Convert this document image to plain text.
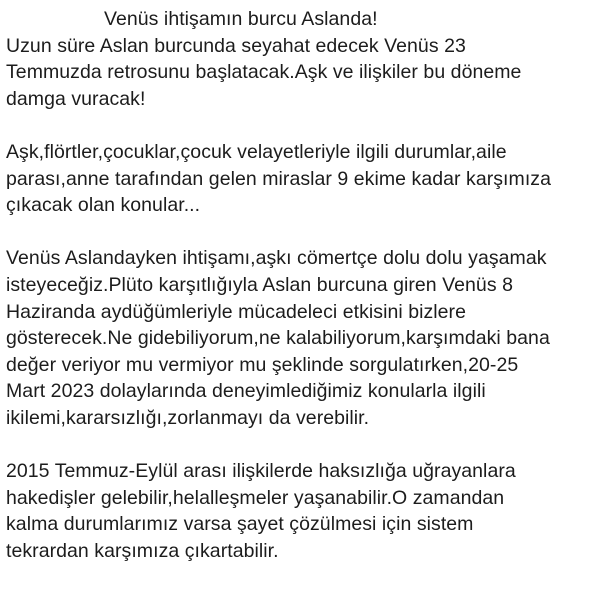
Venüs ihtişamın burcu Aslanda!
Uzun süre Aslan burcunda seyahat edecek Venüs 23
Temmuzda retrosunu başlatacak.Aşk ve ilişkiler bu döneme
damga vuracak!
Aşk,flörtler,çocuklar,çocuk velayetleriyle ilgili durumlar,aile
parası,anne tarafından gelen miraslar 9 ekime kadar karşımıza
çıkacak olan konular...
Venüs Aslandayken ihtişamı,aşkı cömertçe dolu dolu yaşamak
isteyeceğiz.Plüto karşıtlığıyla Aslan burcuna giren Venüs 8
Haziranda aydüğümleriyle mücadeleci etkisini bizlere
gösterecek.Ne gidebiliyorum,ne kalabiliyorum,karşımdaki bana
değer veriyor mu vermiyor mu şeklinde sorgulatırken,20-25
Mart 2023 dolaylarında deneyimlediğimiz konularla ilgili
ikilemi,kararsızlığı,zorlanmayı da verebilir.
2015 Temmuz-Eylül arası ilişkilerde haksızlığa uğrayanlara
hakedişler gelebilir,helalleşmeler yaşanabilir.O zamandan
kalma durumlarımız varsa şayet çözülmesi için sistem
tekrardan karşımıza çıkartabilir.
